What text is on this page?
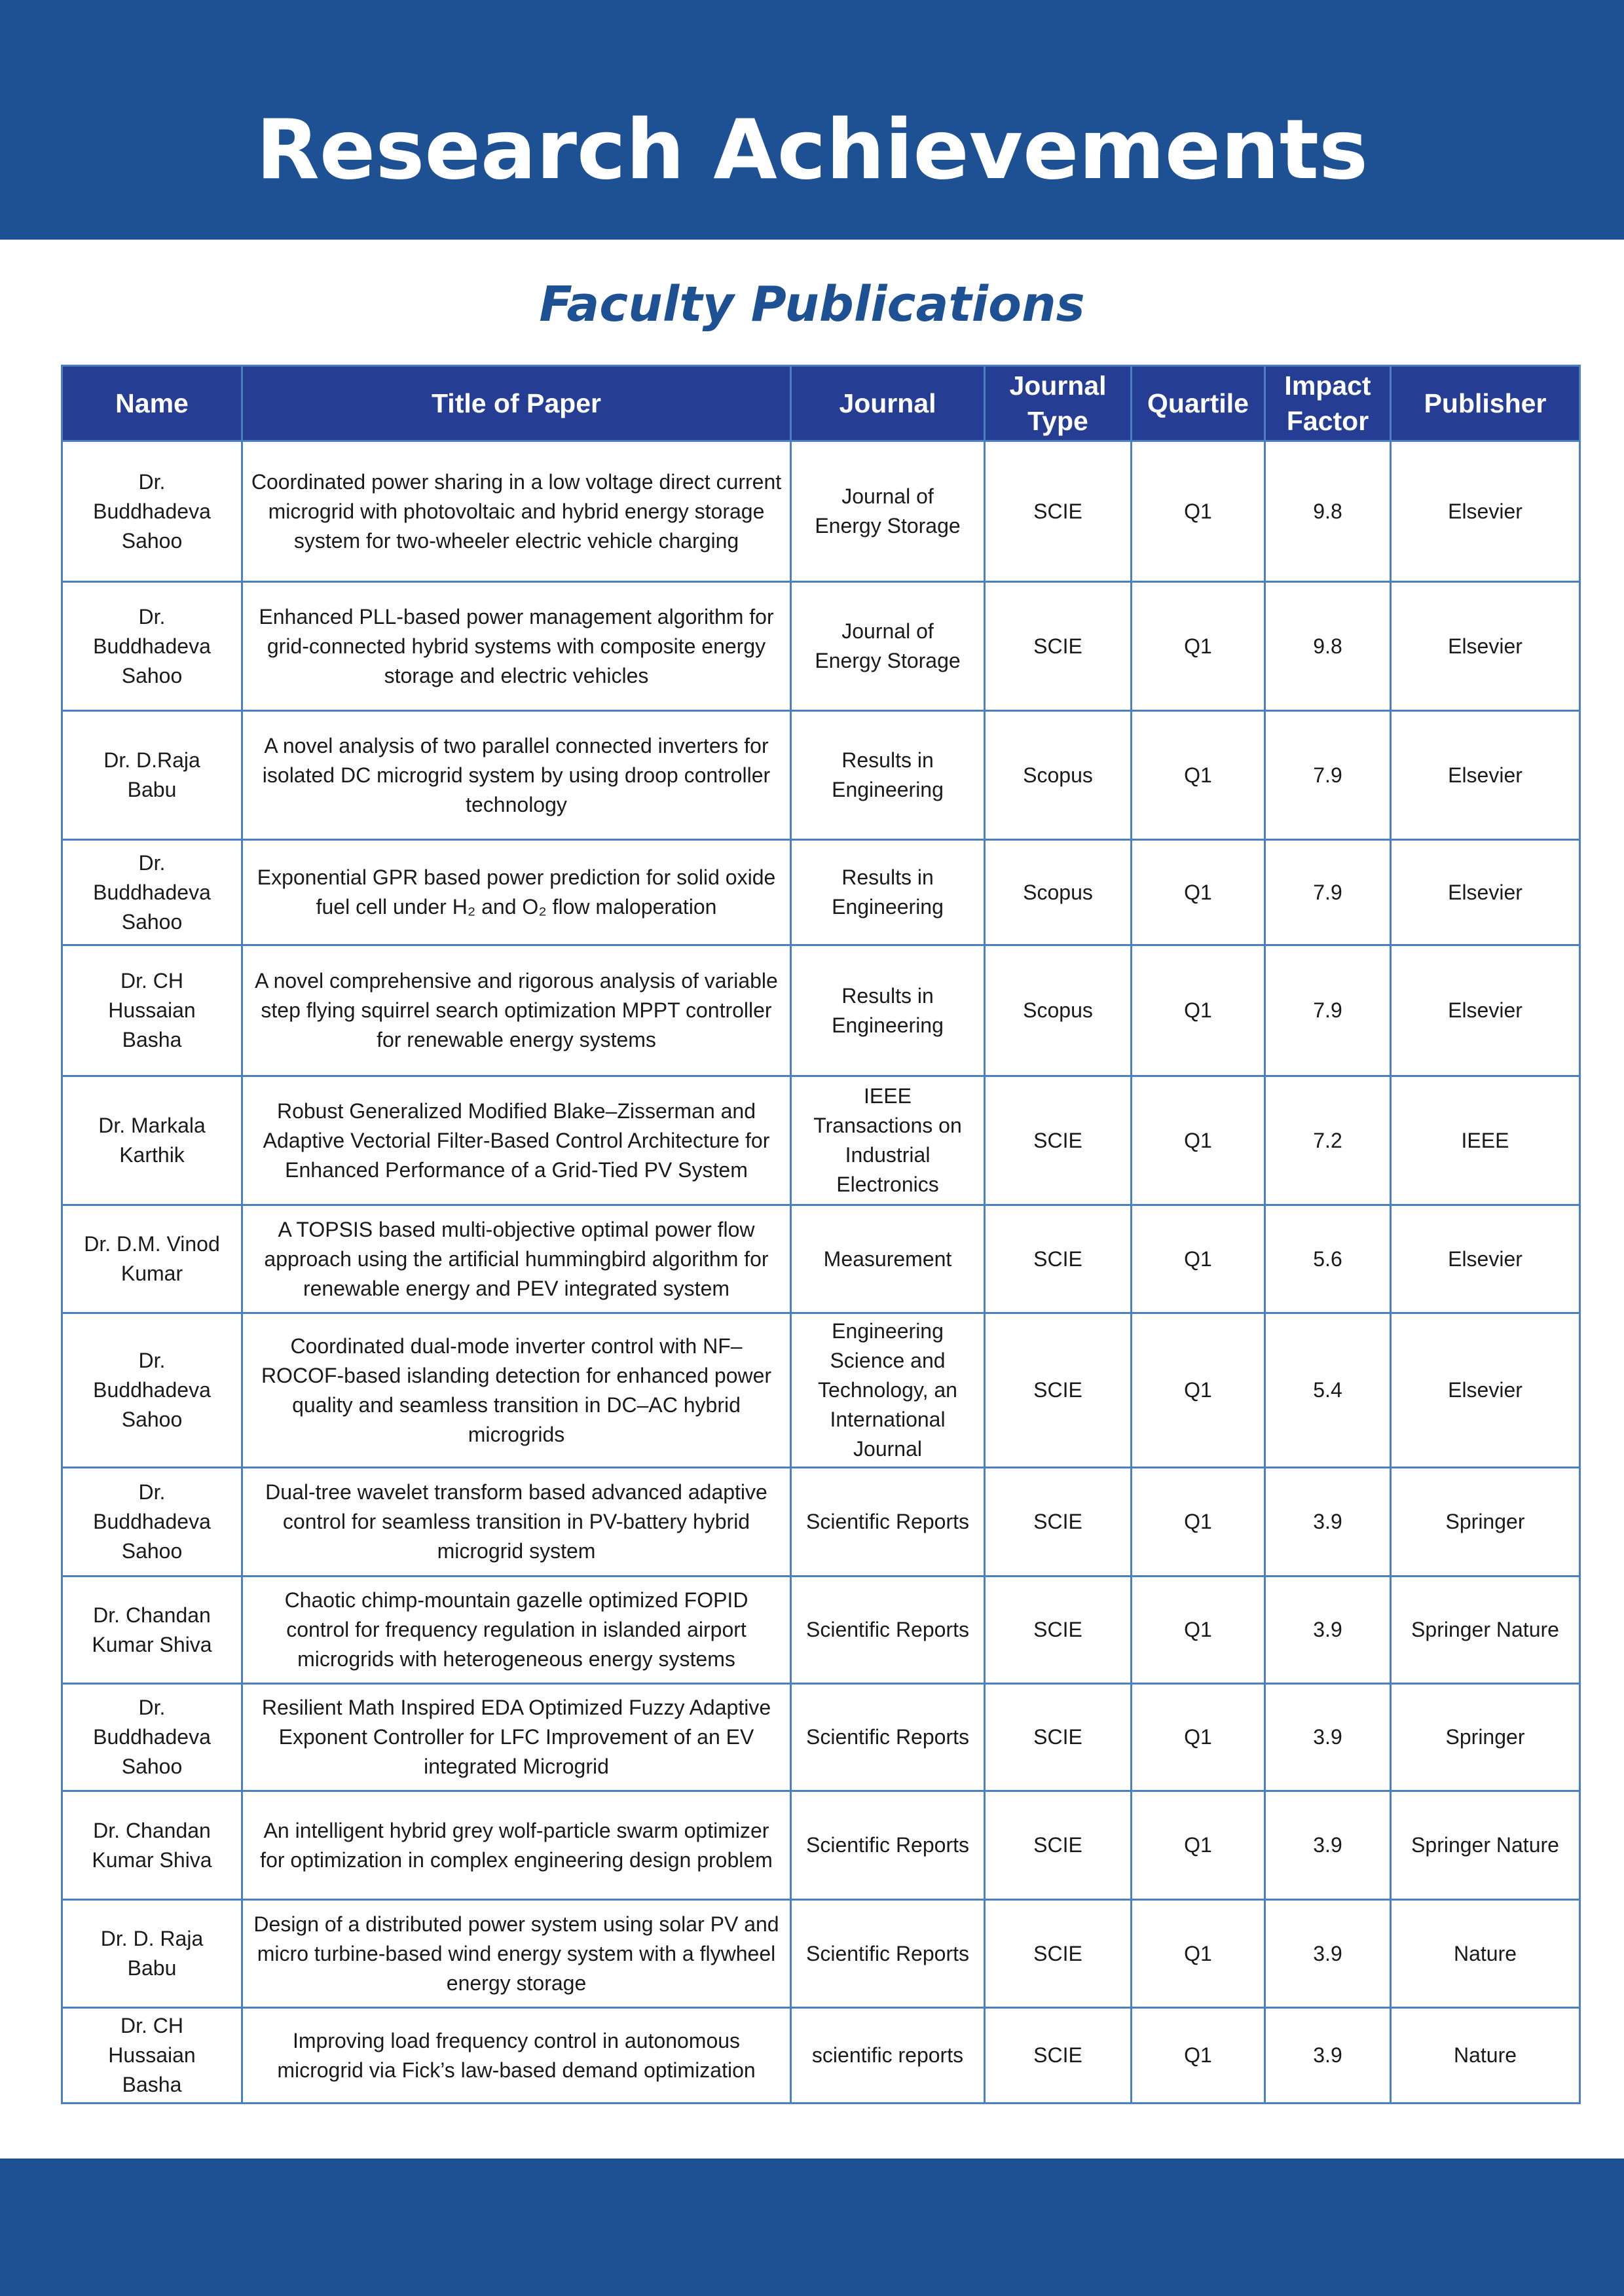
Research Achievements
Faculty Publications
Name	Title of Paper	Journal	Journal Type	Quartile	Impact Factor	Publisher
Dr. Buddhadeva Sahoo	Coordinated power sharing in a low voltage direct current microgrid with photovoltaic and hybrid energy storage system for two-wheeler electric vehicle charging	Journal of Energy Storage	SCIE	Q1	9.8	Elsevier
Dr. Buddhadeva Sahoo	Enhanced PLL-based power management algorithm for grid-connected hybrid systems with composite energy storage and electric vehicles	Journal of Energy Storage	SCIE	Q1	9.8	Elsevier
Dr. D.Raja Babu	A novel analysis of two parallel connected inverters for isolated DC microgrid system by using droop controller technology	Results in Engineering	Scopus	Q1	7.9	Elsevier
Dr. Buddhadeva Sahoo	Exponential GPR based power prediction for solid oxide fuel cell under H₂ and O₂ flow maloperation	Results in Engineering	Scopus	Q1	7.9	Elsevier
Dr. CH Hussaian Basha	A novel comprehensive and rigorous analysis of variable step flying squirrel search optimization MPPT controller for renewable energy systems	Results in Engineering	Scopus	Q1	7.9	Elsevier
Dr. Markala Karthik	Robust Generalized Modified Blake–Zisserman and Adaptive Vectorial Filter-Based Control Architecture for Enhanced Performance of a Grid-Tied PV System	IEEE Transactions on Industrial Electronics	SCIE	Q1	7.2	IEEE
Dr. D.M. Vinod Kumar	A TOPSIS based multi-objective optimal power flow approach using the artificial hummingbird algorithm for renewable energy and PEV integrated system	Measurement	SCIE	Q1	5.6	Elsevier
Dr. Buddhadeva Sahoo	Coordinated dual-mode inverter control with NF–ROCOF-based islanding detection for enhanced power quality and seamless transition in DC–AC hybrid microgrids	Engineering Science and Technology, an International Journal	SCIE	Q1	5.4	Elsevier
Dr. Buddhadeva Sahoo	Dual-tree wavelet transform based advanced adaptive control for seamless transition in PV-battery hybrid microgrid system	Scientific Reports	SCIE	Q1	3.9	Springer
Dr. Chandan Kumar Shiva	Chaotic chimp-mountain gazelle optimized FOPID control for frequency regulation in islanded airport microgrids with heterogeneous energy systems	Scientific Reports	SCIE	Q1	3.9	Springer Nature
Dr. Buddhadeva Sahoo	Resilient Math Inspired EDA Optimized Fuzzy Adaptive Exponent Controller for LFC Improvement of an EV integrated Microgrid	Scientific Reports	SCIE	Q1	3.9	Springer
Dr. Chandan Kumar Shiva	An intelligent hybrid grey wolf-particle swarm optimizer for optimization in complex engineering design problem	Scientific Reports	SCIE	Q1	3.9	Springer Nature
Dr. D. Raja Babu	Design of a distributed power system using solar PV and micro turbine-based wind energy system with a flywheel energy storage	Scientific Reports	SCIE	Q1	3.9	Nature
Dr. CH Hussaian Basha	Improving load frequency control in autonomous microgrid via Fick’s law-based demand optimization	scientific reports	SCIE	Q1	3.9	Nature
